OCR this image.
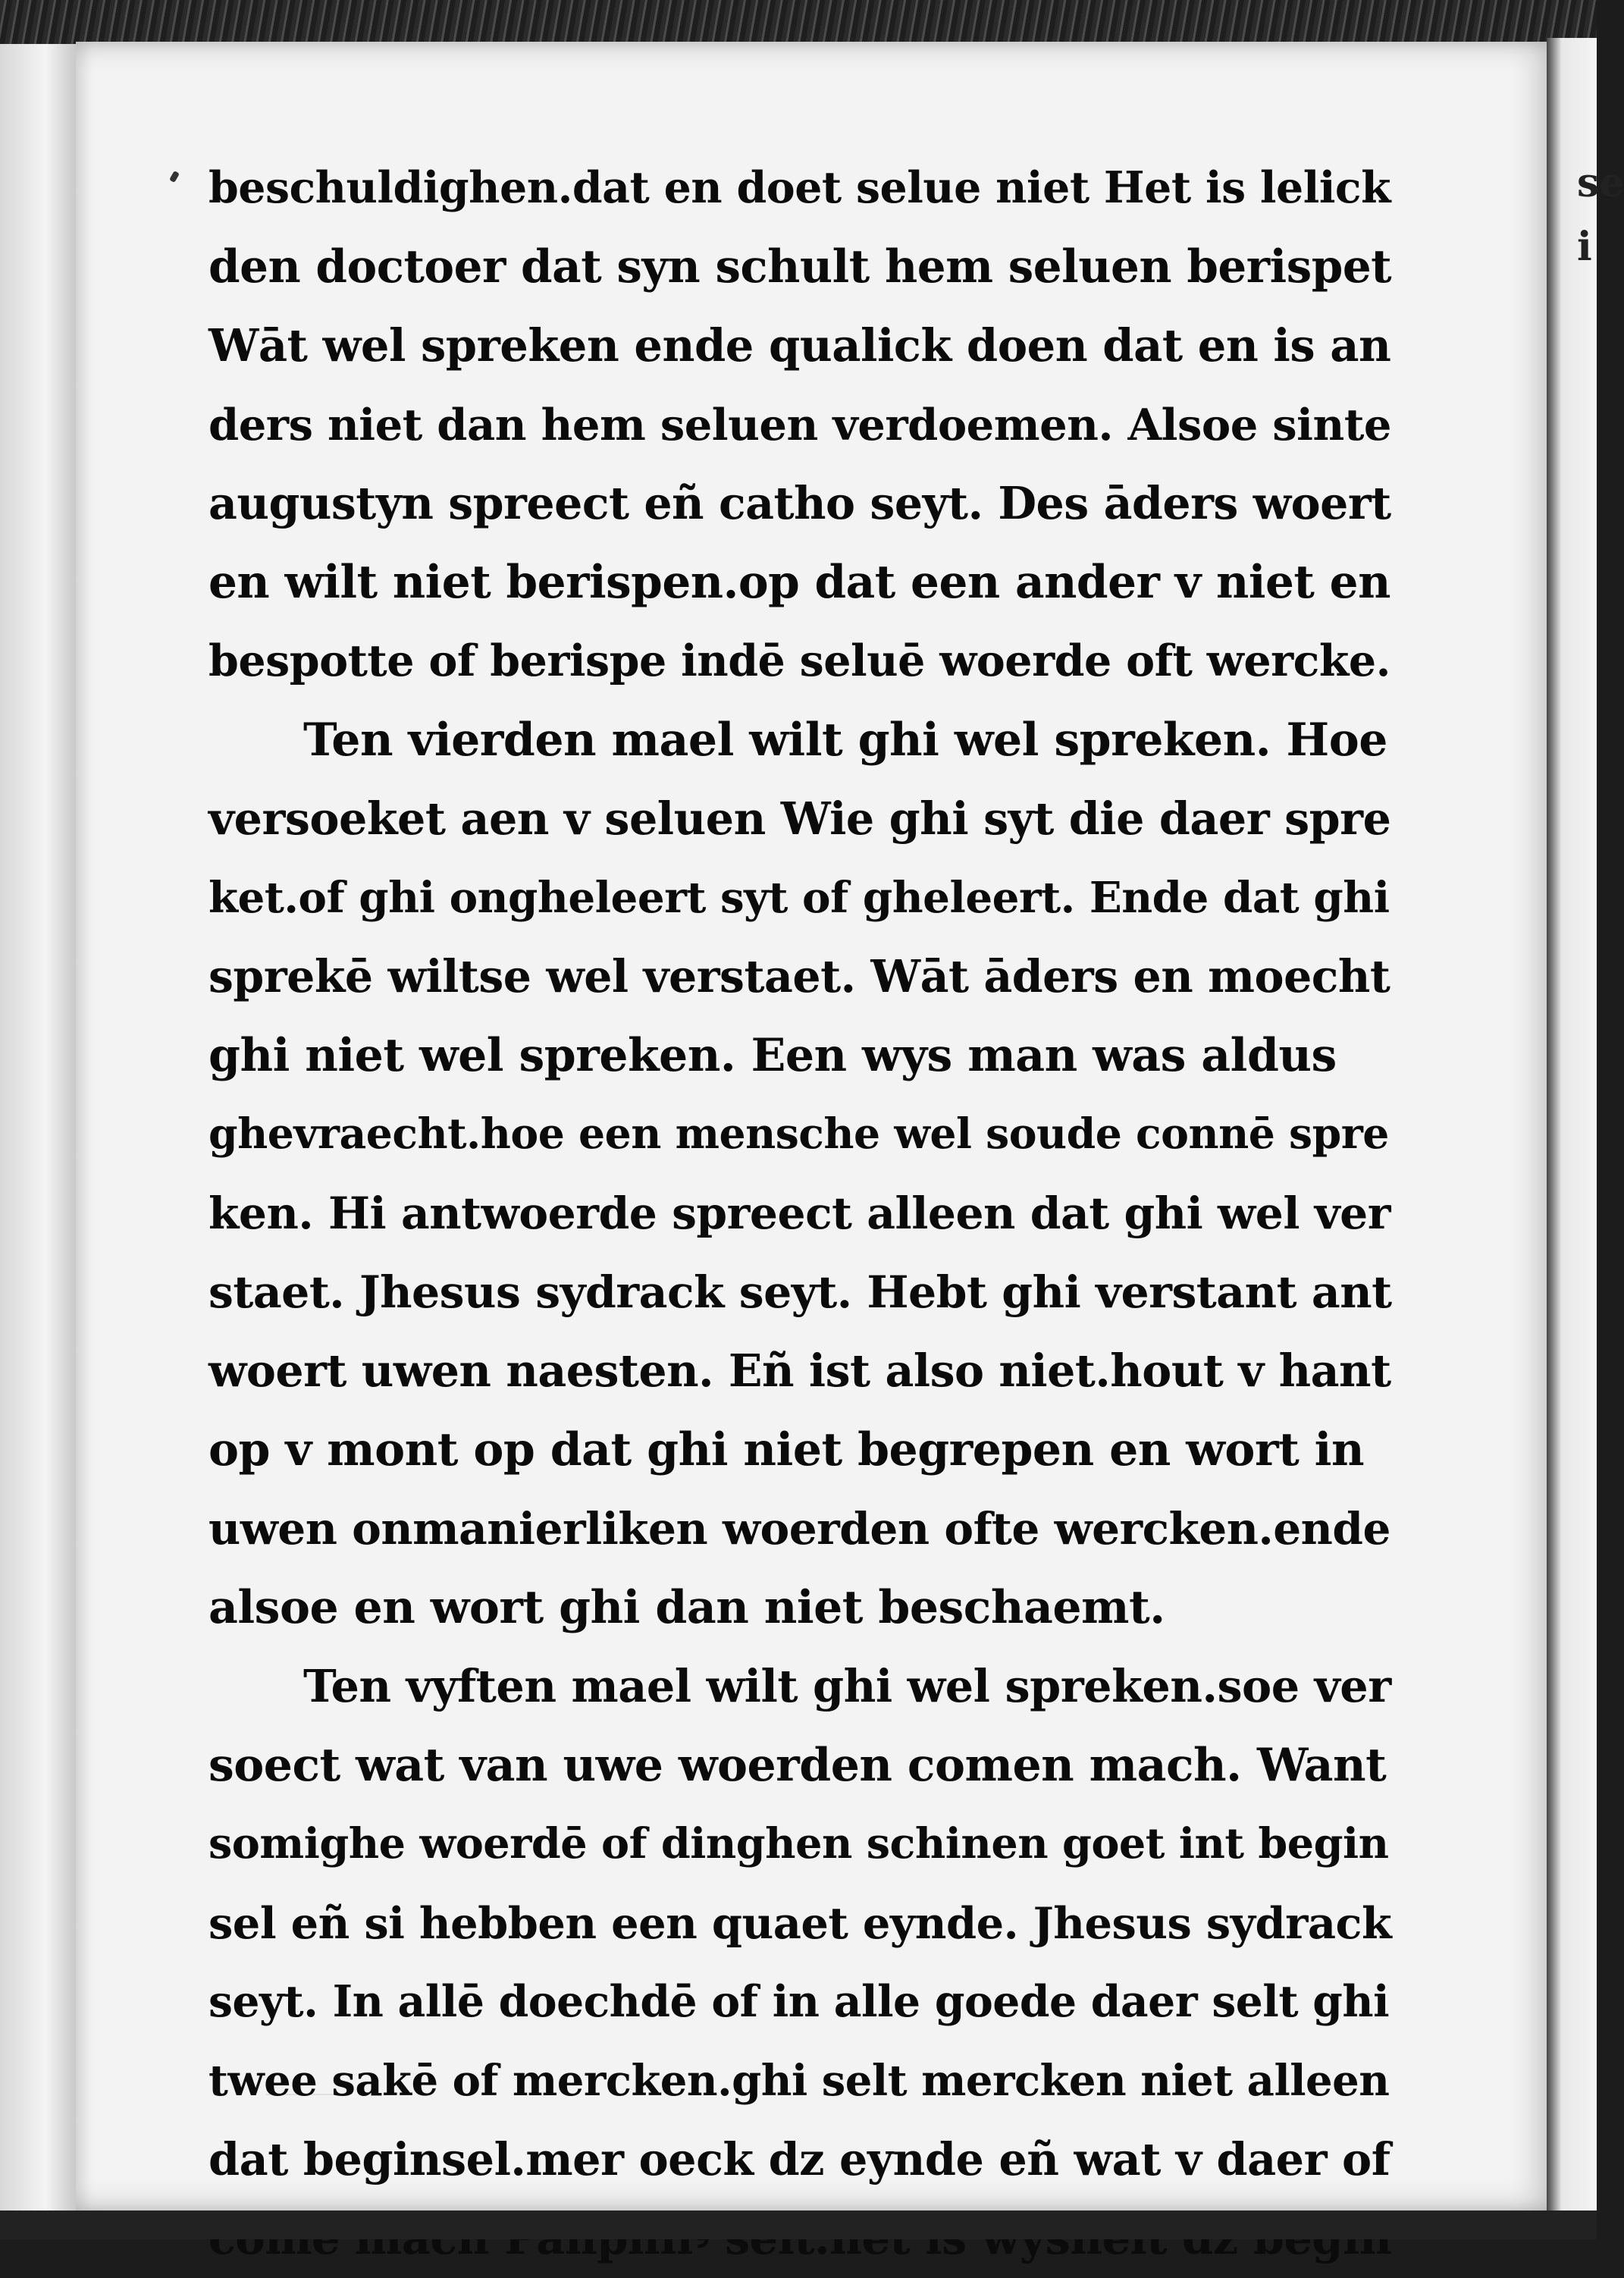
se
i

beschuldighen.dat en doet selue niet Het is lelick
den doctoer dat syn schult hem seluen berispet
Wāt wel spreken ende qualick doen dat en is an
ders niet dan hem seluen verdoemen. Alsoe sinte
augustyn spreect eñ catho seyt. Des āders woert
en wilt niet berispen.op dat een ander v niet en
bespotte of berispe indē seluē woerde oft wercke.
Ten vierden mael wilt ghi wel spreken. Hoe
versoeket aen v seluen Wie ghi syt die daer spre
ket.of ghi ongheleert syt of gheleert. Ende dat ghi
sprekē wiltse wel verstaet. Wāt āders en moecht
ghi niet wel spreken. Een wys man was aldus
ghevraecht.hoe een mensche wel soude connē spre
ken. Hi antwoerde spreect alleen dat ghi wel ver
staet. Jhesus sydrack seyt. Hebt ghi verstant ant
woert uwen naesten. Eñ ist also niet.hout v hant
op v mont op dat ghi niet begrepen en wort in
uwen onmanierliken woerden ofte wercken.ende
alsoe en wort ghi dan niet beschaemt.
Ten vyften mael wilt ghi wel spreken.soe ver
soect wat van uwe woerden comen mach. Want
somighe woerdē of dinghen schinen goet int begin
sel eñ si hebben een quaet eynde. Jhesus sydrack
seyt. In allē doechdē of in alle goede daer selt ghi
twee sakē of mercken.ghi selt mercken niet alleen
dat beginsel.mer oeck dz eynde eñ wat v daer of
